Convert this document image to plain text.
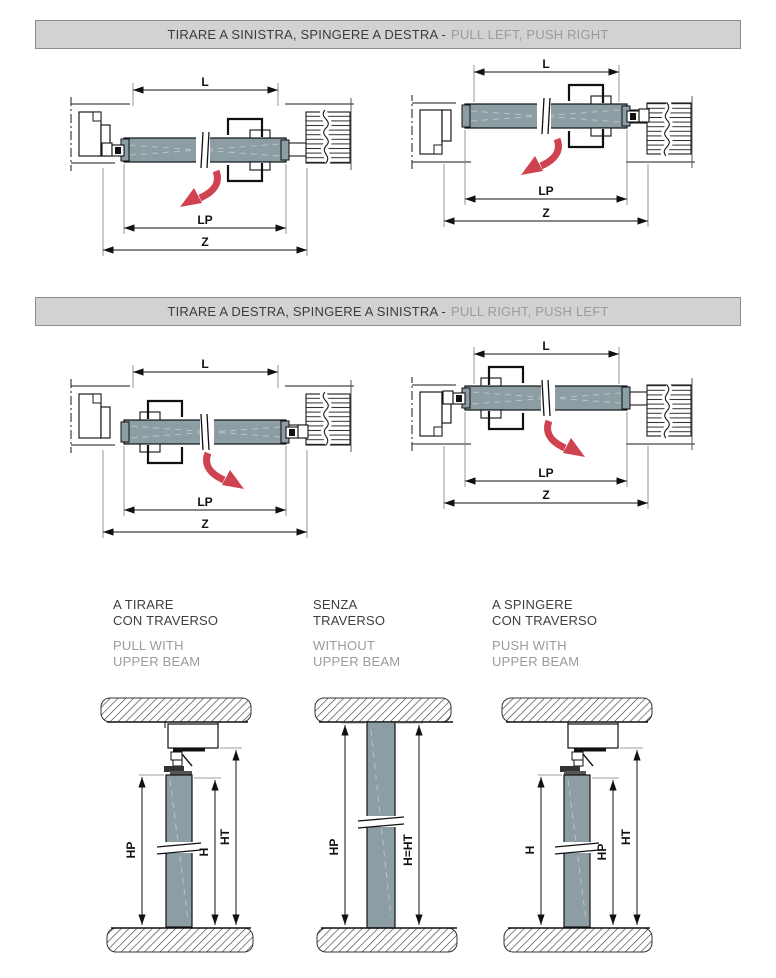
TIRARE A SINISTRA, SPINGERE A DESTRA - PULL LEFT, PUSH RIGHT
L
LP
Z
L
LP
Z
TIRARE A DESTRA, SPINGERE A SINISTRA - PULL RIGHT, PUSH LEFT
L
LP
Z
L
LP
Z
A TIRARE
CON TRAVERSO
PULL WITH
UPPER BEAM
SENZA
TRAVERSO
WITHOUT
UPPER BEAM
A SPINGERE
CON TRAVERSO
PUSH WITH
UPPER BEAM
HP	H
HT
HP	H=HT	H	HP
HT
